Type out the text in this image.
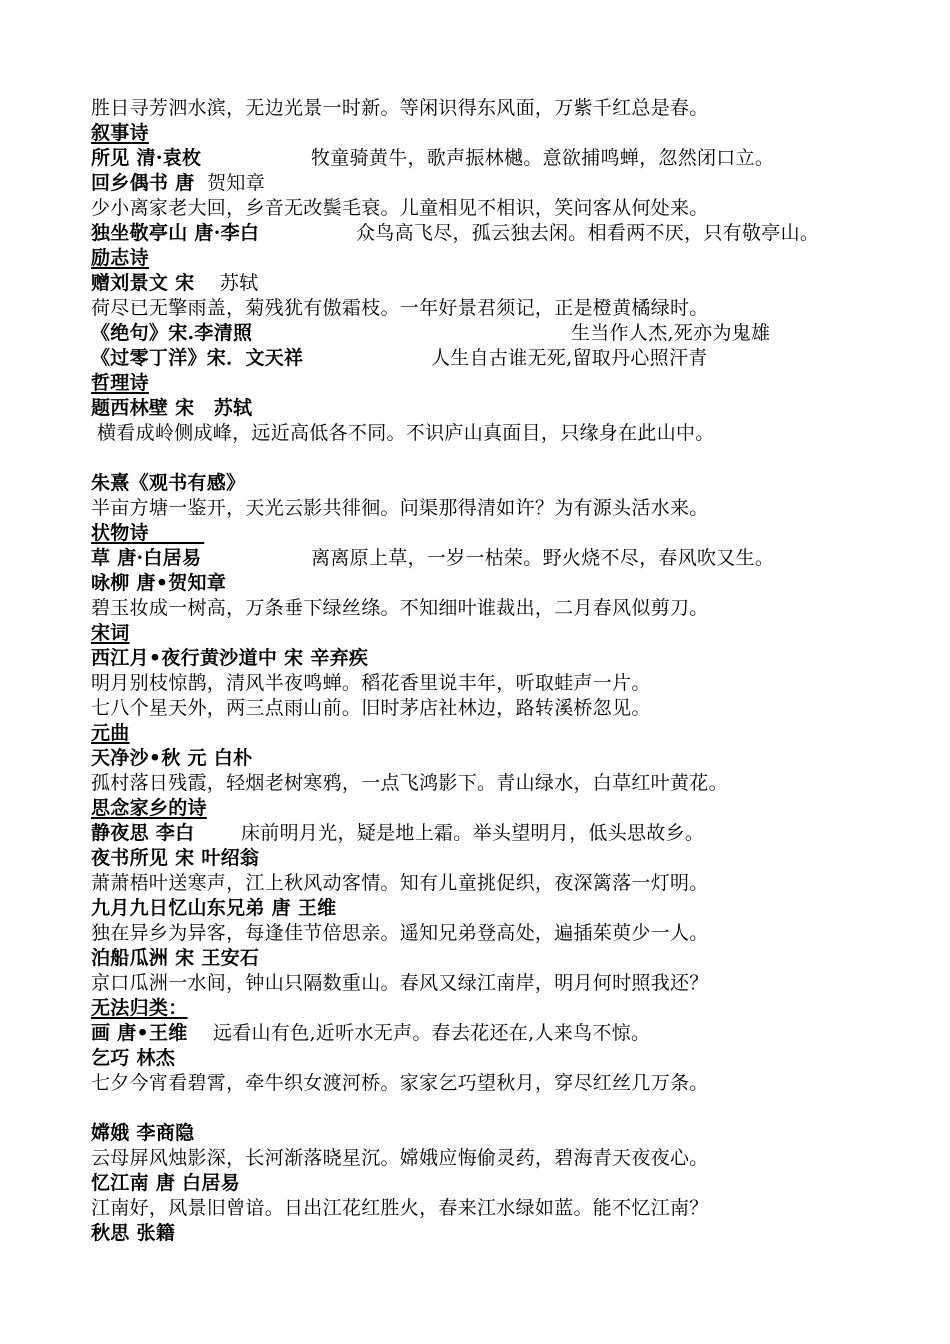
胜日寻芳泗水滨，无边光景一时新。等闲识得东风面，万紫千红总是春。
叙事诗
所见 清·袁枚	牧童骑黄牛，歌声振林樾。意欲捕鸣蝉，忽然闭口立。
回乡偶书 唐 贺知章
少小离家老大回，乡音无改鬓毛衰。儿童相见不相识，笑问客从何处来。
独坐敬亭山 唐·李白	众鸟高飞尽，孤云独去闲。相看两不厌，只有敬亭山。
励志诗
赠刘景文 宋 苏轼
荷尽已无擎雨盖，菊残犹有傲霜枝。一年好景君须记，正是橙黄橘绿时。
《绝句》宋.李清照	生当作人杰,死亦为鬼雄
《过零丁洋》宋．文天祥	人生自古谁无死,留取丹心照汗青
哲理诗
题西林壁 宋　苏轼
横看成岭侧成峰，远近高低各不同。不识庐山真面目，只缘身在此山中。
朱熹《观书有感》
半亩方塘一鉴开，天光云影共徘徊。问渠那得清如许？为有源头活水来。
状物诗
草 唐·白居易	离离原上草，一岁一枯荣。野火烧不尽，春风吹又生。
咏柳 唐•贺知章
碧玉妆成一树高，万条垂下绿丝绦。不知细叶谁裁出，二月春风似剪刀。
宋词
西江月•夜行黄沙道中 宋 辛弃疾
明月别枝惊鹊，清风半夜鸣蝉。稻花香里说丰年，听取蛙声一片。
七八个星天外，两三点雨山前。旧时茅店社林边，路转溪桥忽见。
元曲
天净沙•秋 元 白朴
孤村落日残霞，轻烟老树寒鸦，一点飞鸿影下。青山绿水，白草红叶黄花。
思念家乡的诗
静夜思 李白 床前明月光，疑是地上霜。举头望明月，低头思故乡。
夜书所见 宋 叶绍翁
萧萧梧叶送寒声，江上秋风动客情。知有儿童挑促织，夜深篱落一灯明。
九月九日忆山东兄弟 唐 王维
独在异乡为异客，每逢佳节倍思亲。遥知兄弟登高处，遍插茱萸少一人。
泊船瓜洲 宋 王安石
京口瓜洲一水间，钟山只隔数重山。春风又绿江南岸，明月何时照我还？
无法归类：
画 唐•王维 远看山有色,近听水无声。春去花还在,人来鸟不惊。
乞巧 林杰
七夕今宵看碧霄，牵牛织女渡河桥。家家乞巧望秋月，穿尽红丝几万条。
嫦娥 李商隐
云母屏风烛影深，长河渐落晓星沉。嫦娥应悔偷灵药，碧海青天夜夜心。
忆江南 唐 白居易
江南好，风景旧曾谙。日出江花红胜火，春来江水绿如蓝。能不忆江南？
秋思 张籍
